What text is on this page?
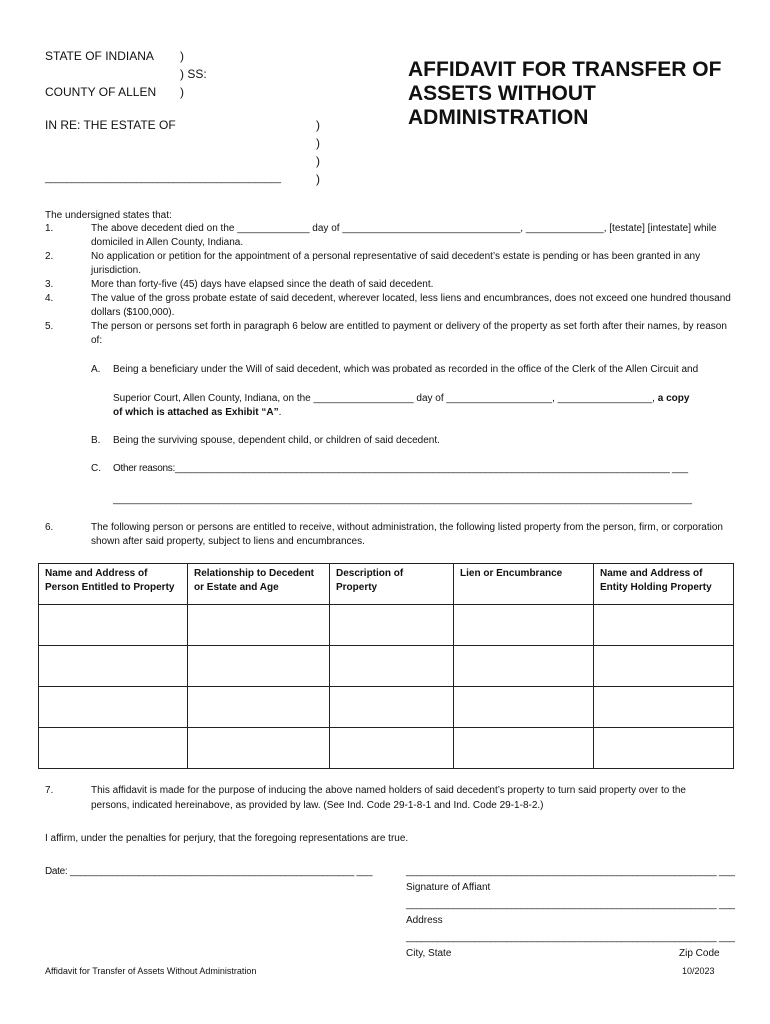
STATE OF INDIANA )
) SS:
COUNTY OF ALLEN )
IN RE: THE ESTATE OF	)
)
)
____________________________________________	)
AFFIDAVIT FOR TRANSFER OF ASSETS WITHOUT ADMINISTRATION
The undersigned states that:
1.	The above decedent died on the _____________ day of ________________________________, ______________, [testate] [intestate] while domiciled in Allen County, Indiana.
2.	No application or petition for the appointment of a personal representative of said decedent’s estate is pending or has been granted in any jurisdiction.
3.	More than forty-five (45) days have elapsed since the death of said decedent.
4.	The value of the gross probate estate of said decedent, wherever located, less liens and encumbrances, does not exceed one hundred thousand dollars ($100,000).
5.	The person or persons set forth in paragraph 6 below are entitled to payment or delivery of the property as set forth after their names, by reason of:
A. Being a beneficiary under the Will of said decedent, which was probated as recorded in the office of the Clerk of the Allen Circuit and
Superior Court, Allen County, Indiana, on the __________________ day of ___________________, _________________, a copy
of which is attached as Exhibit “A”.
B. Being the surviving spouse, dependent child, or children of said decedent.
C. Other reasons:______________________________________________________________________________________________ ___
______________________________________________________________________________________________________________
6.	The following person or persons are entitled to receive, without administration, the following listed property from the person, firm, or corporation shown after said property, subject to liens and encumbrances.
Name and Address of Person Entitled to Property	Relationship to Decedent or Estate and Age	Description of Property	Lien or Encumbrance	Name and Address of Entity Holding Property

7.	This affidavit is made for the purpose of inducing the above named holders of said decedent’s property to turn said property over to the
persons, indicated hereinabove, as provided by law. (See Ind. Code 29-1-8-1 and Ind. Code 29-1-8-2.)
I affirm, under the penalties for perjury, that the foregoing representations are true.
Date: ______________________________________________________ ___	___________________________________________________________ ___
Signature of Affiant
___________________________________________________________ ___
Address
___________________________________________________________ ___
City, State	Zip Code
Affidavit for Transfer of Assets Without Administration	10/2023
